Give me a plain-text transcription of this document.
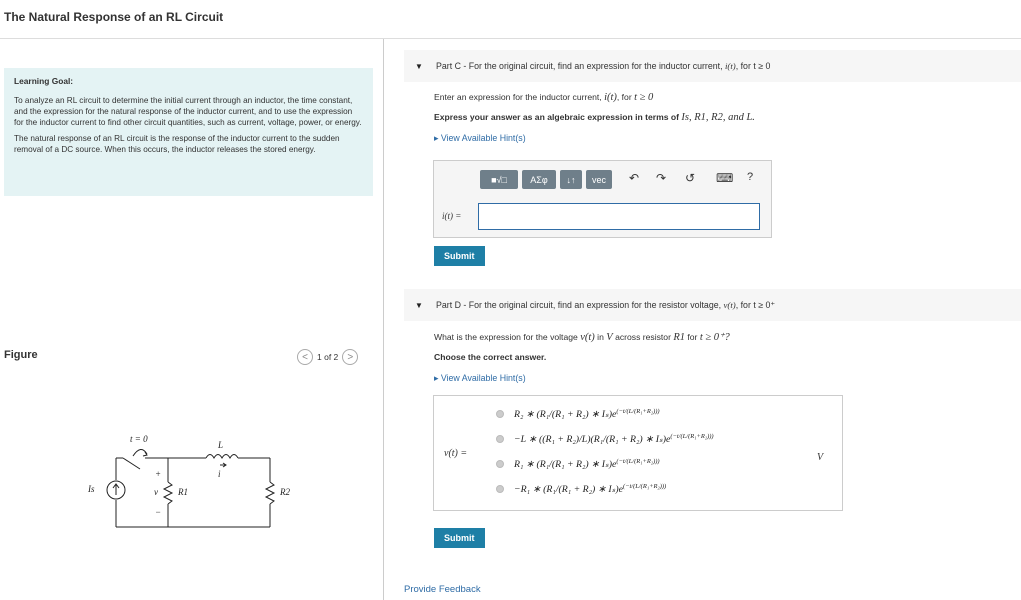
The Natural Response of an RL Circuit
Learning Goal:

To analyze an RL circuit to determine the initial current through an inductor, the time constant, and the expression for the natural response of the inductor current, and to use the expression for the inductor current to find other circuit quantities, such as current, voltage, power, or energy.

The natural response of an RL circuit is the response of the inductor current to the sudden removal of a DC source. When this occurs, the inductor releases the stored energy.

Figure	<	1 of 2 >
t = 0
L
i
Is
+
v
−
R1	R2
▼ Part C - For the original circuit, find an expression for the inductor current, i(t), for t ≥ 0
Enter an expression for the inductor current, i(t), for t ≥ 0
Express your answer as an algebraic expression in terms of Is, R1, R2, and L.
▸ View Available Hint(s)
■√□	AΣφ	↓↑	vec	↶ ↷ ↺ ⌨ ?
i(t) =
Submit
▼ Part D - For the original circuit, find an expression for the resistor voltage, v(t), for t ≥ 0⁺
What is the expression for the voltage v(t) in V across resistor R1 for t ≥ 0⁺?
Choose the correct answer.
▸ View Available Hint(s)
v(t) =	V
R₂ ∗ (R₁/(R₁ + R₂) ∗ $I_s)e^{(-t/(L/(R_1+R_2)))}$
−L ∗ ((R₁ + R₂)/L)(R₁/(R₁ + R₂) ∗ $I_s)e^{(-t/(L/(R_1+R_2)))}$
R₁ ∗ (R₁/(R₁ + R₂) ∗ $I_s)e^{(-t/(L/(R_1+R_2)))}$
−R₁ ∗ (R₁/(R₁ + R₂) ∗ $I_s)e^{(-t/(L/(R_1+R_2)))}$
Submit
Provide Feedback
